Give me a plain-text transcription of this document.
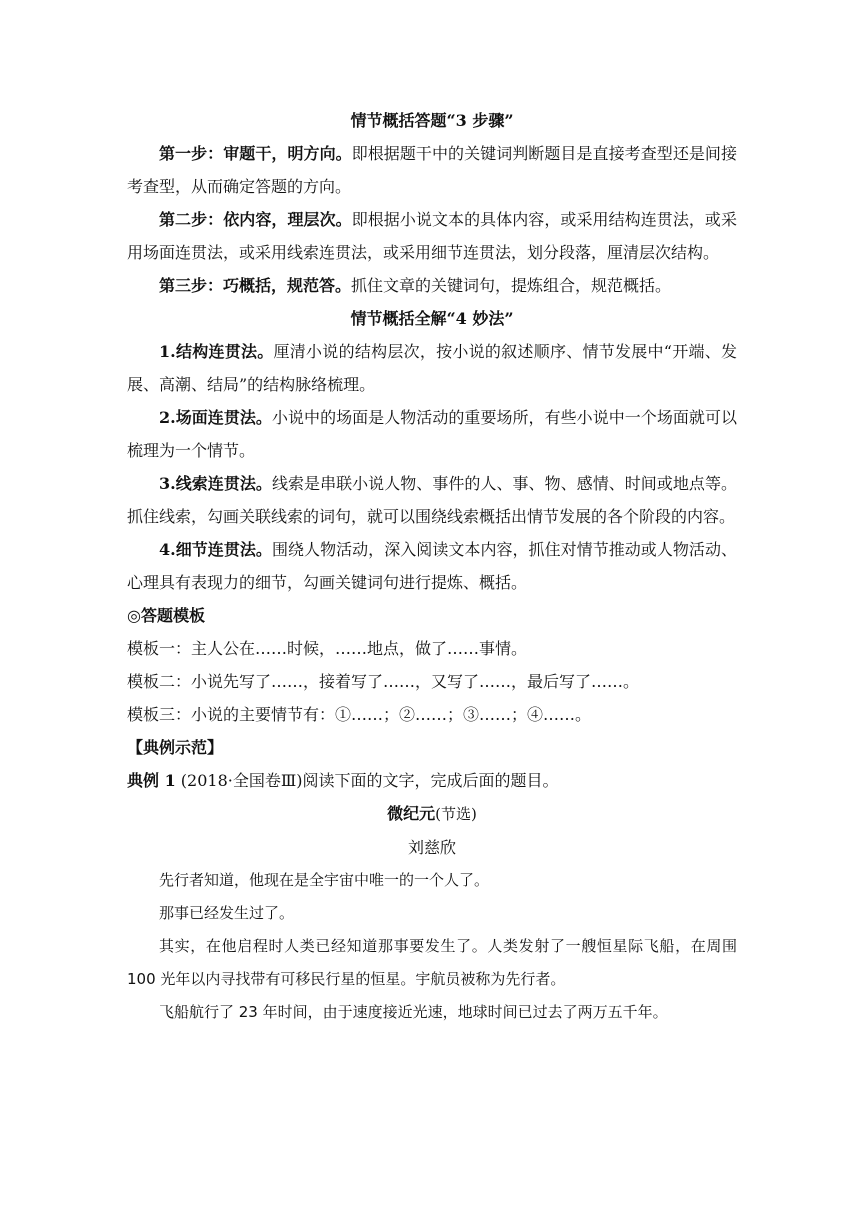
情节概括答题“3 步骤”
第一步：审题干，明方向。即根据题干中的关键词判断题目是直接考查型还是间接考查型，从而确定答题的方向。
第二步：依内容，理层次。即根据小说文本的具体内容，或采用结构连贯法，或采用场面连贯法，或采用线索连贯法，或采用细节连贯法，划分段落，厘清层次结构。
第三步：巧概括，规范答。抓住文章的关键词句，提炼组合，规范概括。
情节概括全解“4 妙法”
1.结构连贯法。厘清小说的结构层次，按小说的叙述顺序、情节发展中“开端、发展、高潮、结局”的结构脉络梳理。
2.场面连贯法。小说中的场面是人物活动的重要场所，有些小说中一个场面就可以梳理为一个情节。
3.线索连贯法。线索是串联小说人物、事件的人、事、物、感情、时间或地点等。抓住线索，勾画关联线索的词句，就可以围绕线索概括出情节发展的各个阶段的内容。
4.细节连贯法。围绕人物活动，深入阅读文本内容，抓住对情节推动或人物活动、心理具有表现力的细节，勾画关键词句进行提炼、概括。
◎答题模板
模板一：主人公在……时候，……地点，做了……事情。
模板二：小说先写了……，接着写了……，又写了……，最后写了……。
模板三：小说的主要情节有：①……；②……；③……；④……。
【典例示范】
典例 1 (2018·全国卷Ⅲ)阅读下面的文字，完成后面的题目。
微纪元(节选)
刘慈欣
先行者知道，他现在是全宇宙中唯一的一个人了。
那事已经发生过了。
其实，在他启程时人类已经知道那事要发生了。人类发射了一艘恒星际飞船，在周围 100 光年以内寻找带有可移民行星的恒星。宇航员被称为先行者。
飞船航行了 23 年时间，由于速度接近光速，地球时间已过去了两万五千年。
